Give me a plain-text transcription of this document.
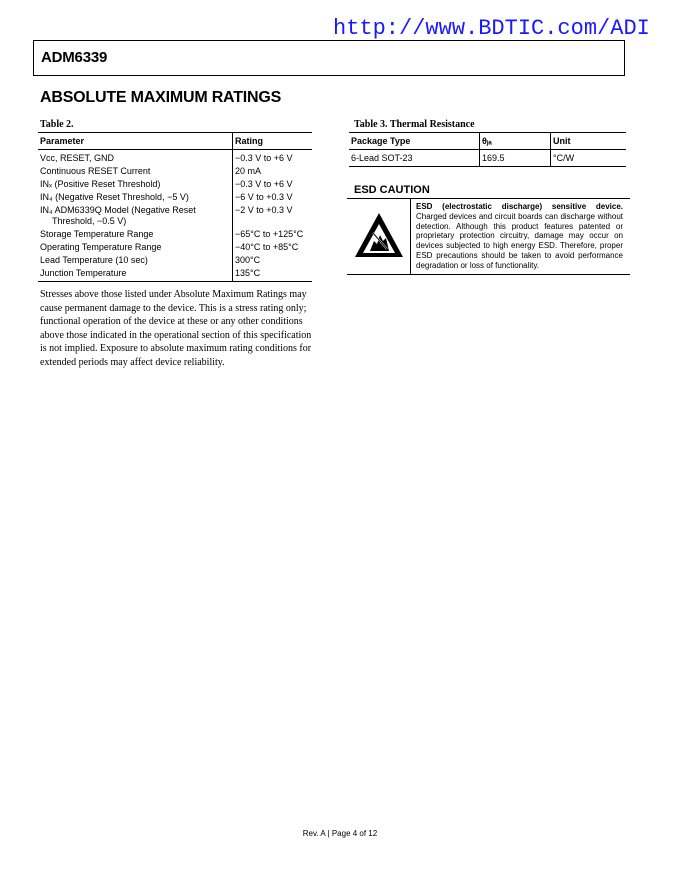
http://www.BDTIC.com/ADI
ADM6339
ABSOLUTE MAXIMUM RATINGS
Table 2.
Parameter	Rating
Vᴄᴄ, RESET, GND	−0.3 V to +6 V
Continuous RESET Current	20 mA
INₓ (Positive Reset Threshold)	−0.3 V to +6 V
IN₄ (Negative Reset Threshold, −5 V)	−6 V to +0.3 V
IN₄ ADM6339Q Model (Negative Reset
Threshold, −0.5 V)	−2 V to +0.3 V
Storage Temperature Range	−65°C to +125°C
Operating Temperature Range	−40°C to +85°C
Lead Temperature (10 sec)	300°C
Junction Temperature	135°C
Stresses above those listed under Absolute Maximum Ratings may cause permanent damage to the device. This is a stress rating only; functional operation of the device at these or any other conditions above those indicated in the operational section of this specification is not implied. Exposure to absolute maximum rating conditions for extended periods may affect device reliability.
Table 3. Thermal Resistance
Package Type	θⱼₐ	Unit
6-Lead SOT-23	169.5	°C/W
ESD CAUTION
ESD (electrostatic discharge) sensitive device. Charged devices and circuit boards can discharge without detection. Although this product features patented or proprietary protection circuitry, damage may occur on devices subjected to high energy ESD. Therefore, proper ESD precautions should be taken to avoid performance degradation or loss of functionality.
Rev. A | Page 4 of 12
